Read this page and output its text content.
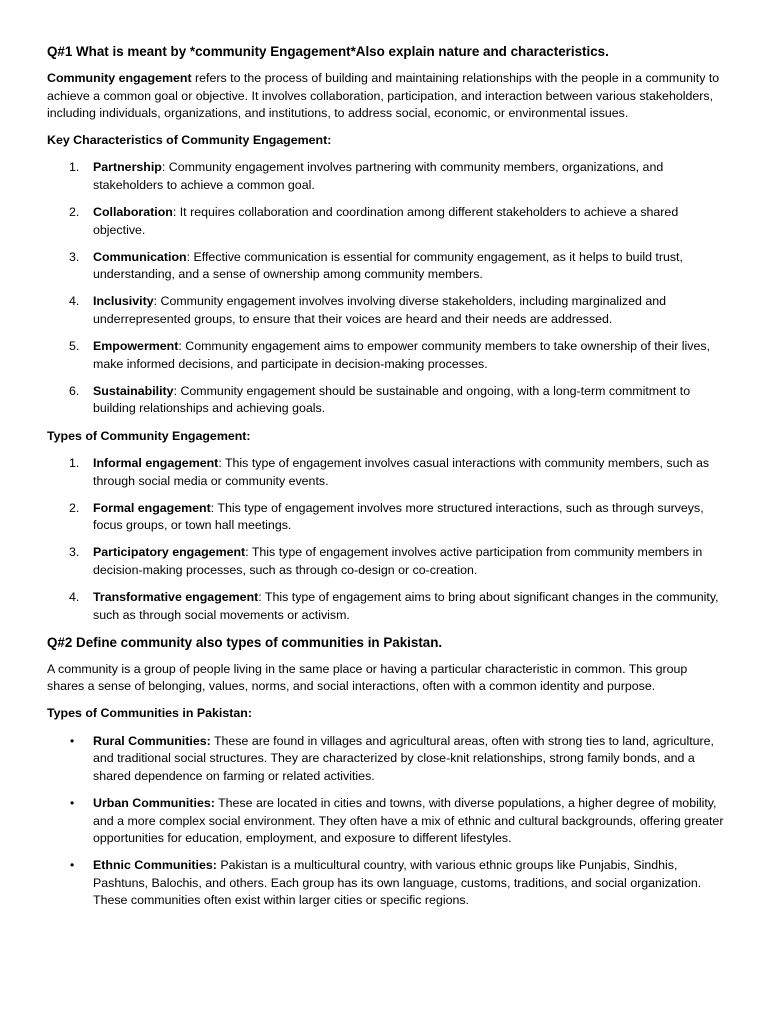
Q#1 What is meant by *community Engagement*Also explain nature and characteristics.
Community engagement refers to the process of building and maintaining relationships with the people in a community to achieve a common goal or objective. It involves collaboration, participation, and interaction between various stakeholders, including individuals, organizations, and institutions, to address social, economic, or environmental issues.
Key Characteristics of Community Engagement:
1. Partnership: Community engagement involves partnering with community members, organizations, and stakeholders to achieve a common goal.
2. Collaboration: It requires collaboration and coordination among different stakeholders to achieve a shared objective.
3. Communication: Effective communication is essential for community engagement, as it helps to build trust, understanding, and a sense of ownership among community members.
4. Inclusivity: Community engagement involves involving diverse stakeholders, including marginalized and underrepresented groups, to ensure that their voices are heard and their needs are addressed.
5. Empowerment: Community engagement aims to empower community members to take ownership of their lives, make informed decisions, and participate in decision-making processes.
6. Sustainability: Community engagement should be sustainable and ongoing, with a long-term commitment to building relationships and achieving goals.
Types of Community Engagement:
1. Informal engagement: This type of engagement involves casual interactions with community members, such as through social media or community events.
2. Formal engagement: This type of engagement involves more structured interactions, such as through surveys, focus groups, or town hall meetings.
3. Participatory engagement: This type of engagement involves active participation from community members in decision-making processes, such as through co-design or co-creation.
4. Transformative engagement: This type of engagement aims to bring about significant changes in the community, such as through social movements or activism.
Q#2 Define community also types of communities in Pakistan.
A community is a group of people living in the same place or having a particular characteristic in common. This group shares a sense of belonging, values, norms, and social interactions, often with a common identity and purpose.
Types of Communities in Pakistan:
• Rural Communities: These are found in villages and agricultural areas, often with strong ties to land, agriculture, and traditional social structures. They are characterized by close-knit relationships, strong family bonds, and a shared dependence on farming or related activities.
• Urban Communities: These are located in cities and towns, with diverse populations, a higher degree of mobility, and a more complex social environment. They often have a mix of ethnic and cultural backgrounds, offering greater opportunities for education, employment, and exposure to different lifestyles.
• Ethnic Communities: Pakistan is a multicultural country, with various ethnic groups like Punjabis, Sindhis, Pashtuns, Balochis, and others. Each group has its own language, customs, traditions, and social organization. These communities often exist within larger cities or specific regions.
